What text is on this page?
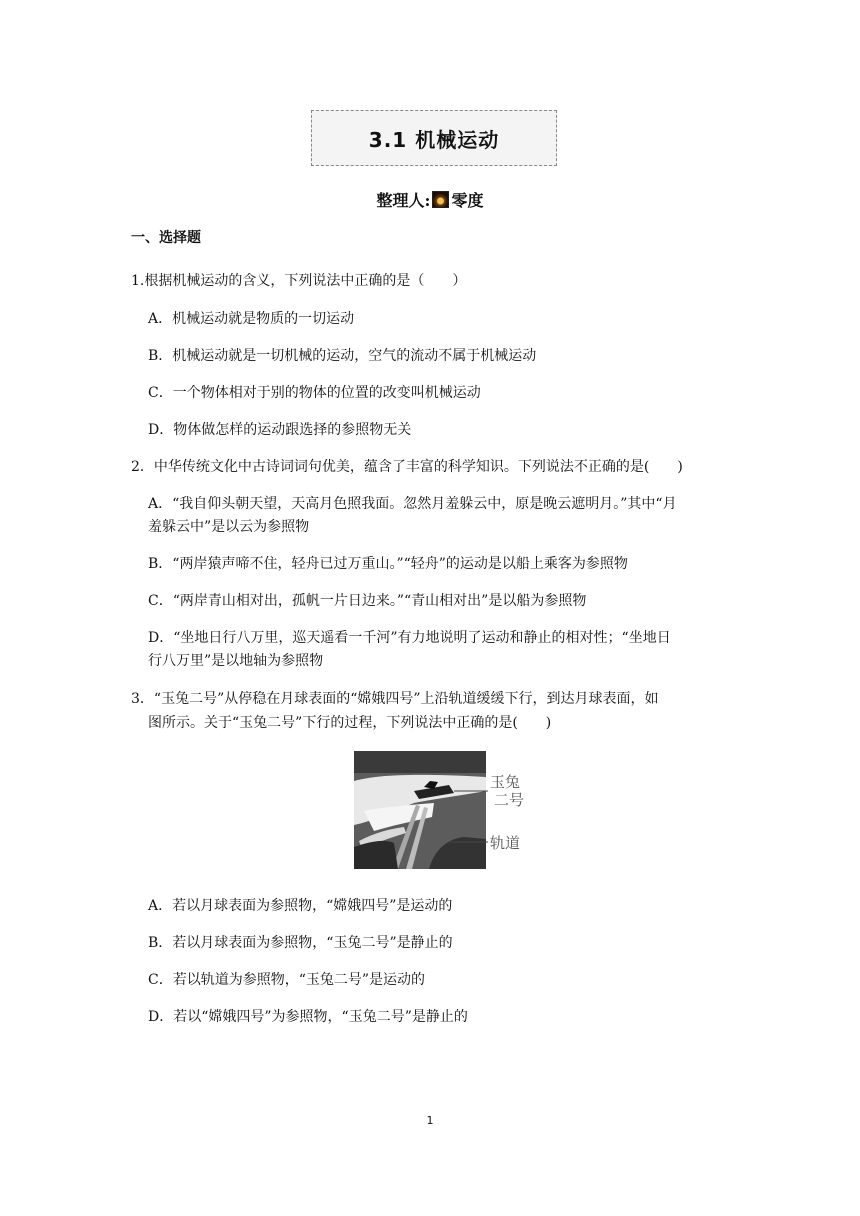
3.1 机械运动
整理人: 零度
一、选择题
1.根据机械运动的含义，下列说法中正确的是（　　）
A．机械运动就是物质的一切运动
B．机械运动就是一切机械的运动，空气的流动不属于机械运动
C．一个物体相对于别的物体的位置的改变叫机械运动
D．物体做怎样的运动跟选择的参照物无关
2．中华传统文化中古诗词词句优美，蕴含了丰富的科学知识。下列说法不正确的是(　　)
A．“我自仰头朝天望，天高月色照我面。忽然月羞躲云中，原是晚云遮明月。”其中“月
羞躲云中”是以云为参照物
B．“两岸猿声啼不住，轻舟已过万重山。”“轻舟”的运动是以船上乘客为参照物
C．“两岸青山相对出，孤帆一片日边来。”“青山相对出”是以船为参照物
D．“坐地日行八万里，巡天遥看一千河”有力地说明了运动和静止的相对性；“坐地日
行八万里”是以地轴为参照物
3．“玉兔二号”从停稳在月球表面的“嫦娥四号”上沿轨道缓缓下行，到达月球表面，如
图所示。关于“玉兔二号”下行的过程，下列说法中正确的是(　　)
玉兔
二号
轨道
A．若以月球表面为参照物，“嫦娥四号”是运动的
B．若以月球表面为参照物，“玉兔二号”是静止的
C．若以轨道为参照物，“玉兔二号”是运动的
D．若以“嫦娥四号”为参照物，“玉兔二号”是静止的
1
